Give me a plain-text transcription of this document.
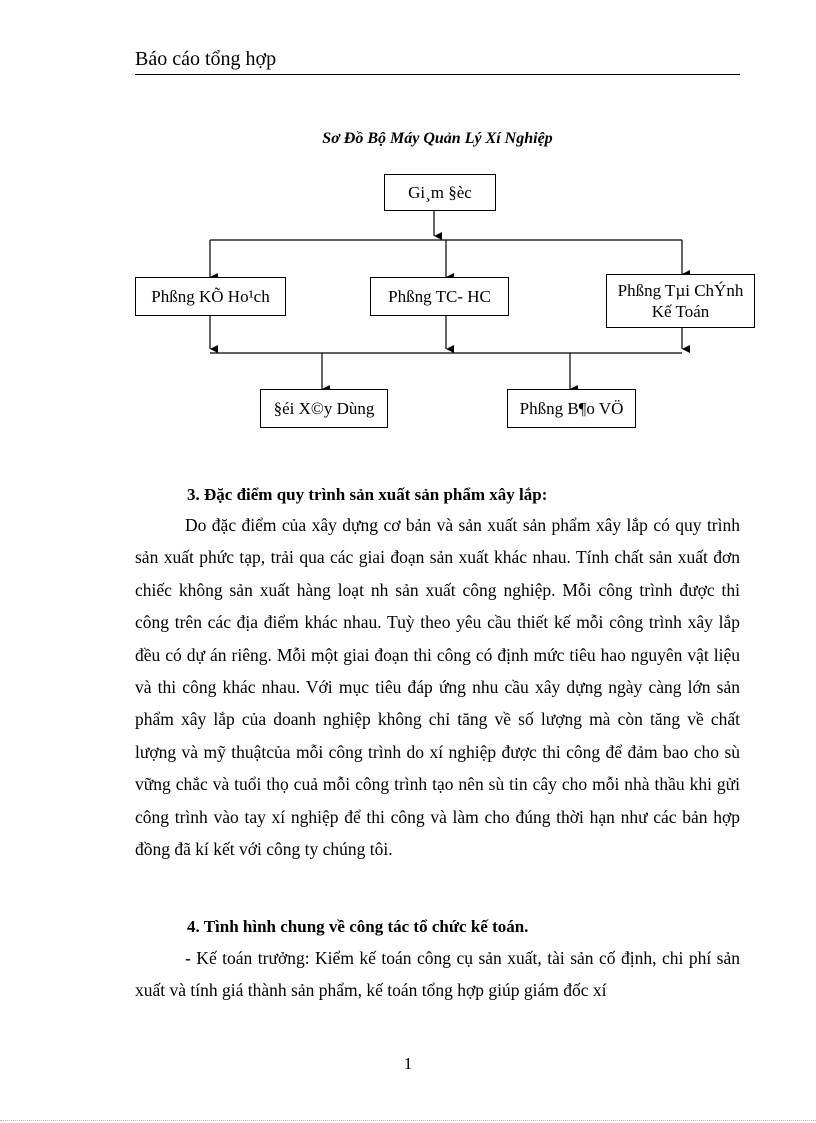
Báo cáo tổng hợp
Sơ Đồ Bộ Máy Quản Lý Xí Nghiệp
Gi¸m §èc
Phßng KÕ Ho¹ch	Phßng TC- HC	Phßng Tµi ChÝnh Kế Toán
§éi X©y Dùng	Phßng B¶o VÖ
3. Đặc điểm quy trình sản xuất sản phẩm xây lắp:

Do đặc điểm của xây dựng cơ bản và sản xuất sản phẩm xây lắp có quy trình sản xuất phức tạp, trải qua các giai đoạn sản xuất khác nhau. Tính chất sản xuất đơn chiếc không sản xuất hàng loạt nh sản xuất công nghiệp. Mỗi công trình được thi công trên các địa điểm khác nhau. Tuỳ theo yêu cầu thiết kế mỗi công trình xây lắp đều có dự án riêng. Mỗi một giai đoạn thi công có định mức tiêu hao nguyên vật liệu và thi công khác nhau. Với mục tiêu đáp ứng nhu cầu xây dựng ngày càng lớn sản phẩm xây lắp của doanh nghiệp không chỉ tăng về số lượng mà còn tăng về chất lượng và mỹ thuậtcủa mỗi công trình do xí nghiệp được thi công để đảm bao cho sù vững chắc và tuổi thọ cuả mỗi công trình tạo nên sù tin cây cho mỗi nhà thầu khi gửi công trình vào tay xí nghiệp để thi công và làm cho đúng thời hạn như các bản hợp đồng đã kí kết với công ty chúng tôi.

4. Tình hình chung về công tác tổ chức kế toán.

- Kế toán trưởng: Kiểm kế toán công cụ sản xuất, tài sản cố định, chi phí sản xuất và tính giá thành sản phẩm, kế toán tổng hợp giúp giám đốc xí

1
